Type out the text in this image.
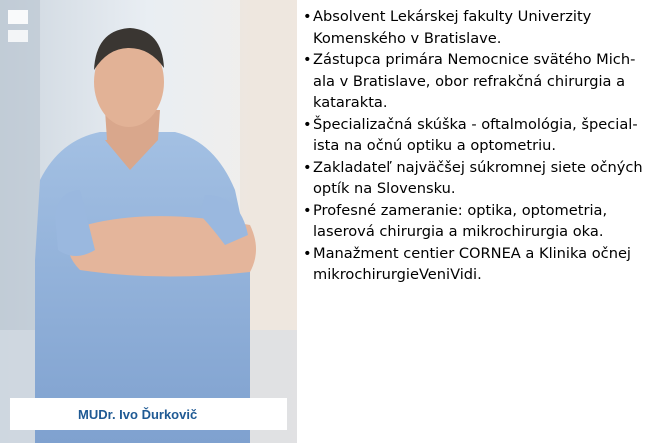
MUDr. Ivo Ďurkovič
• Absolvent Lekárskej fakulty Univerzity
Komenského v Bratislave.
• Zástupca primára Nemocnice svätého Mich-
ala v Bratislave, obor refrakčná chirurgia a
katarakta.
• Špecializačná skúška - oftalmológia, špecial-
ista na očnú optiku a optometriu.
• Zakladateľ najväčšej súkromnej siete očných
optík na Slovensku.
• Profesné zameranie: optika, optometria,
laserová chirurgia a mikrochirurgia oka.
• Manažment centier CORNEA a Klinika očnej
mikrochirurgieVeniVidi.
